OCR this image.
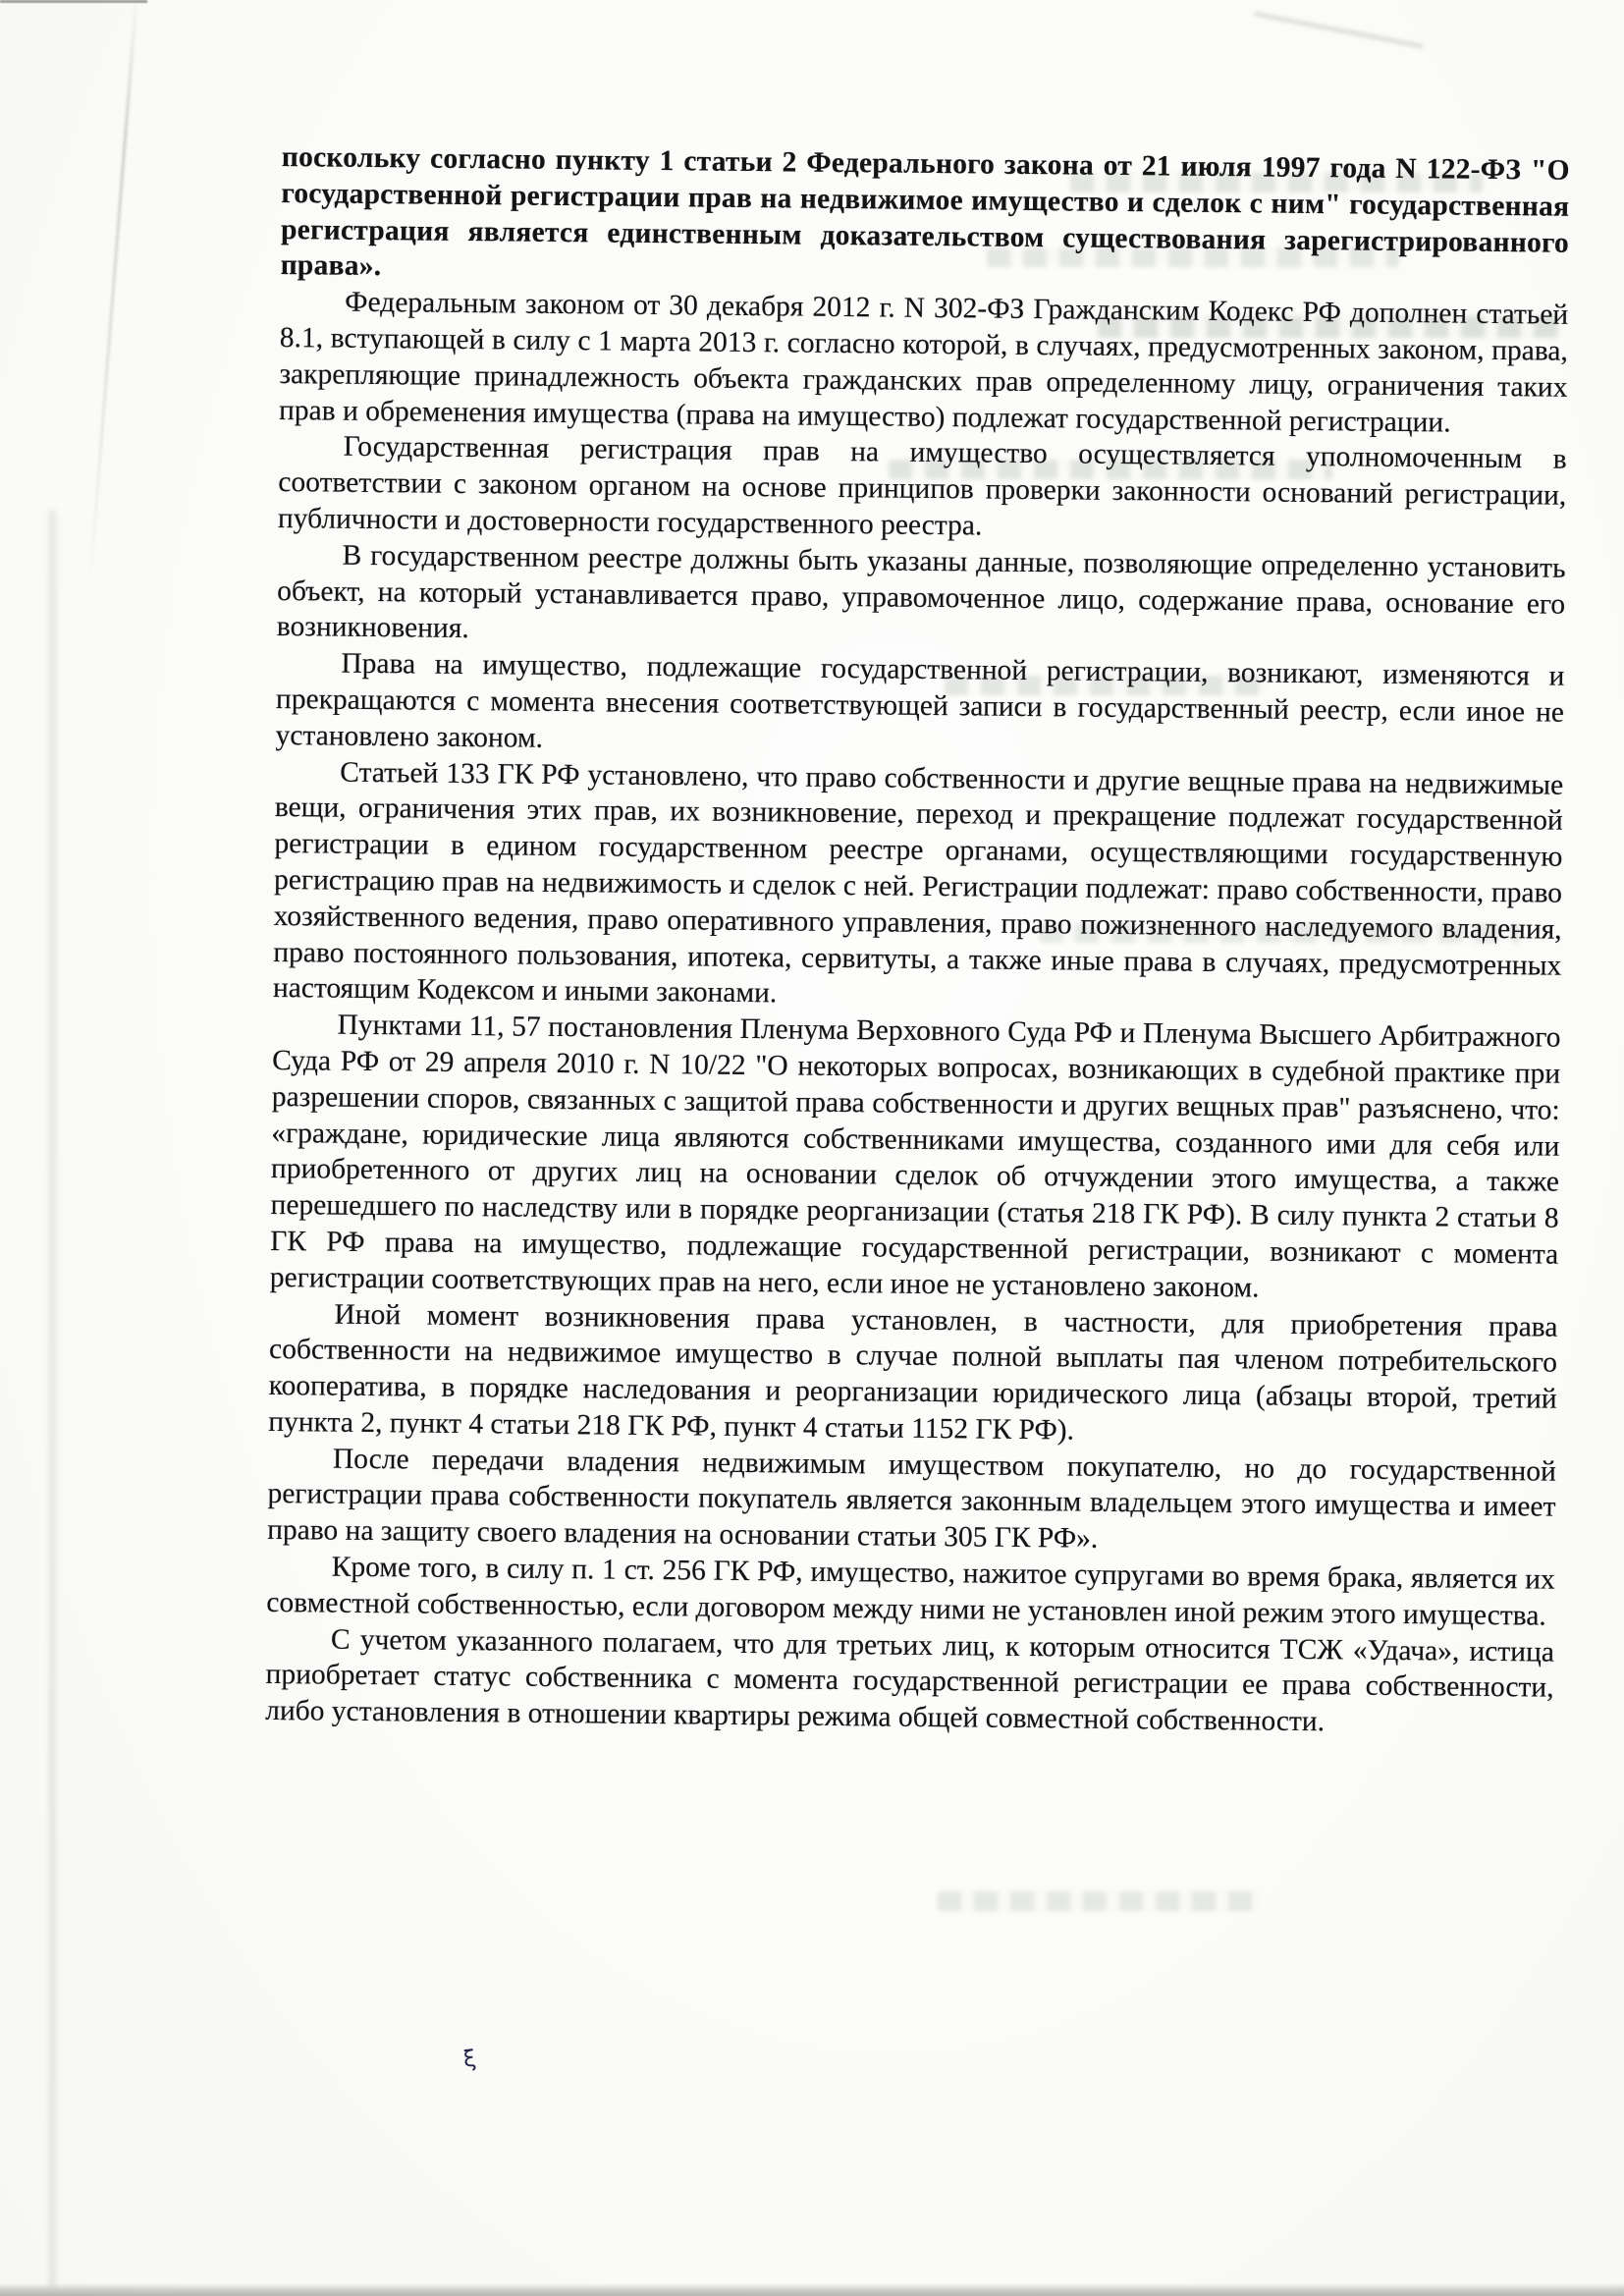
поскольку согласно пункту 1 статьи 2 Федерального закона от 21 июля 1997 года N 122-ФЗ "О государственной регистрации прав на недвижимое имущество и сделок с ним" государственная регистрация является единственным доказательством существования зарегистрированного права».

Федеральным законом от 30 декабря 2012 г. N 302-ФЗ Гражданским Кодекс РФ дополнен статьей 8.1, вступающей в силу с 1 марта 2013 г. согласно которой, в случаях, предусмотренных законом, права, закрепляющие принадлежность объекта гражданских прав определенному лицу, ограничения таких прав и обременения имущества (права на имущество) подлежат государственной регистрации.

Государственная регистрация прав на имущество осуществляется уполномоченным в соответствии с законом органом на основе принципов проверки законности оснований регистрации, публичности и достоверности государственного реестра.

В государственном реестре должны быть указаны данные, позволяющие определенно установить объект, на который устанавливается право, управомоченное лицо, содержание права, основание его возникновения.

Права на имущество, подлежащие государственной регистрации, возникают, изменяются и прекращаются с момента внесения соответствующей записи в государственный реестр, если иное не установлено законом.

Статьей 133 ГК РФ установлено, что право собственности и другие вещные права на недвижимые вещи, ограничения этих прав, их возникновение, переход и прекращение подлежат государственной регистрации в едином государственном реестре органами, осуществляющими государственную регистрацию прав на недвижимость и сделок с ней. Регистрации подлежат: право собственности, право хозяйственного ведения, право оперативного управления, право пожизненного наследуемого владения, право постоянного пользования, ипотека, сервитуты, а также иные права в случаях, предусмотренных настоящим Кодексом и иными законами.

Пунктами 11, 57 постановления Пленума Верховного Суда РФ и Пленума Высшего Арбитражного Суда РФ от 29 апреля 2010 г. N 10/22 "О некоторых вопросах, возникающих в судебной практике при разрешении споров, связанных с защитой права собственности и других вещных прав" разъяснено, что: «граждане, юридические лица являются собственниками имущества, созданного ими для себя или приобретенного от других лиц на основании сделок об отчуждении этого имущества, а также перешедшего по наследству или в порядке реорганизации (статья 218 ГК РФ). В силу пункта 2 статьи 8 ГК РФ права на имущество, подлежащие государственной регистрации, возникают с момента регистрации соответствующих прав на него, если иное не установлено законом.

Иной момент возникновения права установлен, в частности, для приобретения права собственности на недвижимое имущество в случае полной выплаты пая членом потребительского кооператива, в порядке наследования и реорганизации юридического лица (абзацы второй, третий пункта 2, пункт 4 статьи 218 ГК РФ, пункт 4 статьи 1152 ГК РФ).

После передачи владения недвижимым имуществом покупателю, но до государственной регистрации права собственности покупатель является законным владельцем этого имущества и имеет право на защиту своего владения на основании статьи 305 ГК РФ».

Кроме того, в силу п. 1 ст. 256 ГК РФ, имущество, нажитое супругами во время брака, является их совместной собственностью, если договором между ними не установлен иной режим этого имущества.

С учетом указанного полагаем, что для третьих лиц, к которым относится ТСЖ «Удача», истица приобретает статус собственника с момента государственной регистрации ее права собственности, либо установления в отношении квартиры режима общей совместной собственности.

ξ
